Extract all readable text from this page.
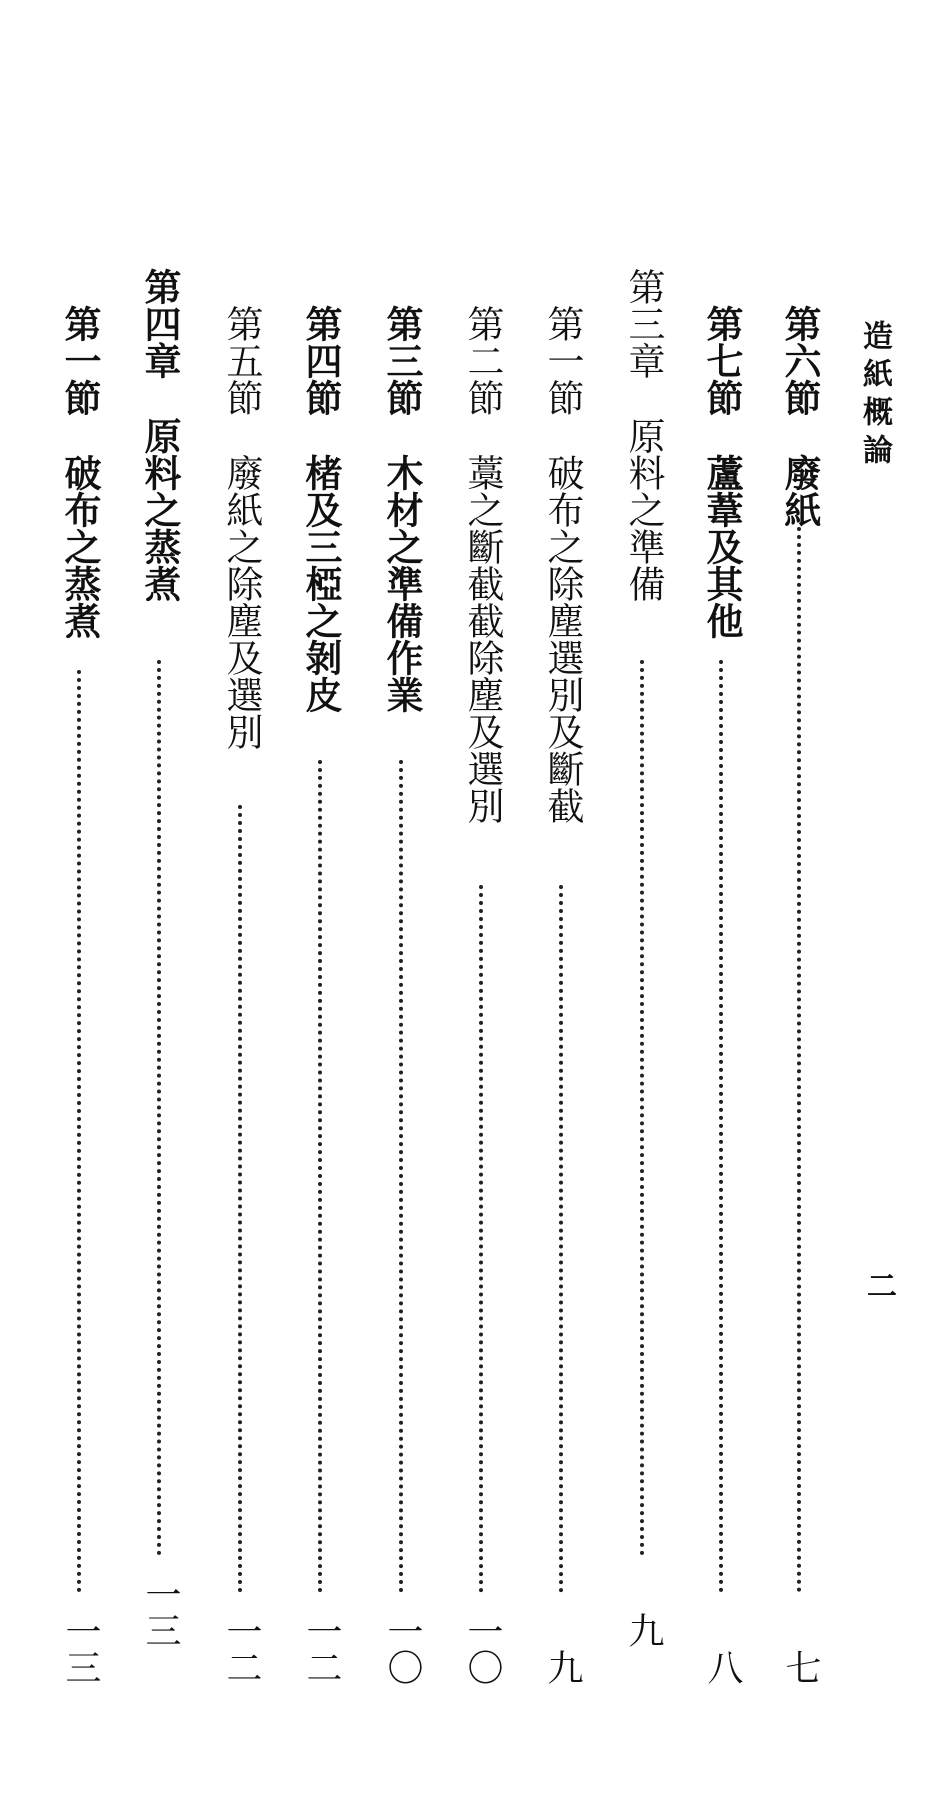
造紙概論
二
第六節廢紙
七
第七節蘆葦及其他
八
第三章原料之準備
九
第一節破布之除塵選別及斷截
九
第二節藁之斷截截除塵及選別
一〇
第三節木材之準備作業
一〇
第四節楮及三椏之剝皮
一二
第五節廢紙之除塵及選別
一二
第四章原料之蒸煮
一三
第一節破布之蒸煮
一三
